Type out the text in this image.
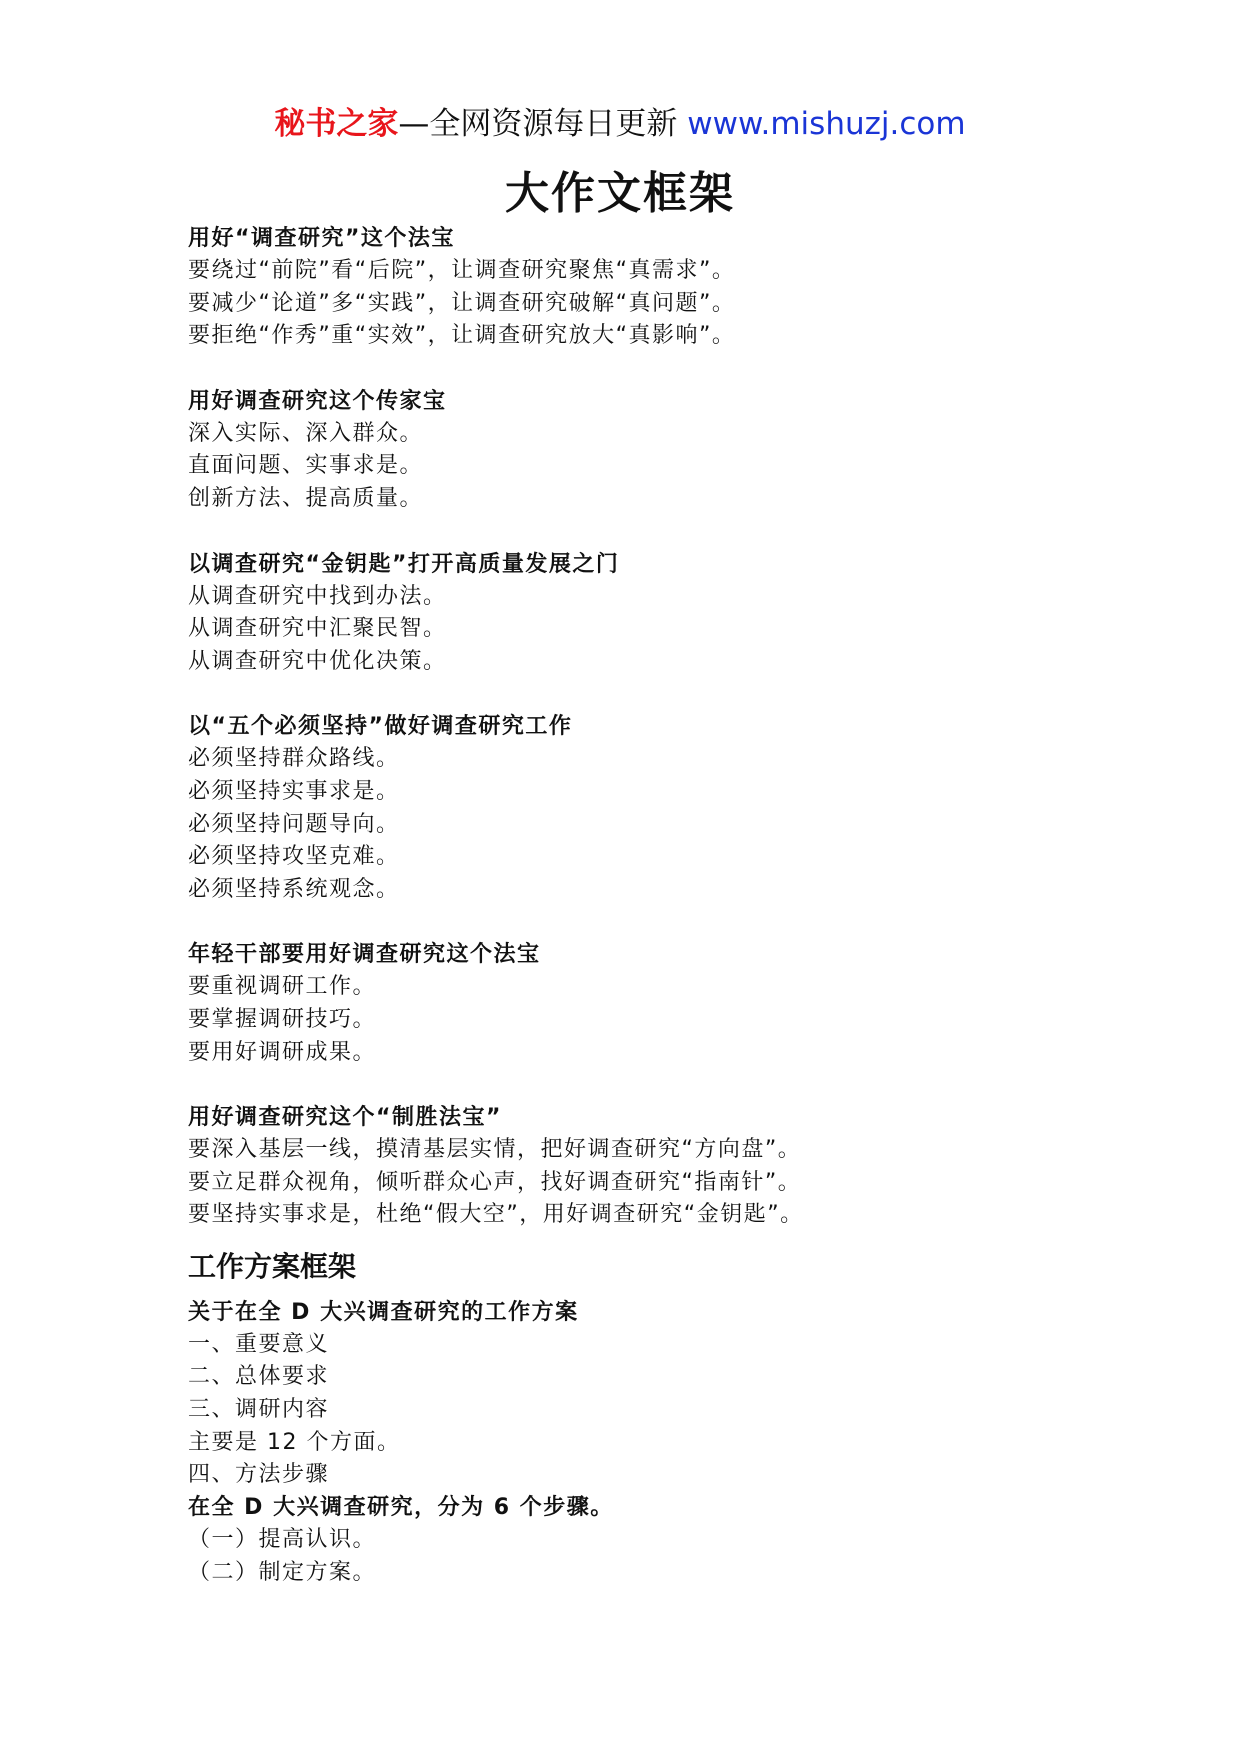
秘书之家—全网资源每日更新 www.mishuzj.com
大作文框架

用好“调查研究”这个法宝

要绕过“前院”看“后院”，让调查研究聚焦“真需求”。

要减少“论道”多“实践”，让调查研究破解“真问题”。

要拒绝“作秀”重“实效”，让调查研究放大“真影响”。

用好调查研究这个传家宝

深入实际、深入群众。

直面问题、实事求是。

创新方法、提高质量。

以调查研究“金钥匙”打开高质量发展之门

从调查研究中找到办法。

从调查研究中汇聚民智。

从调查研究中优化决策。

以“五个必须坚持”做好调查研究工作

必须坚持群众路线。

必须坚持实事求是。

必须坚持问题导向。

必须坚持攻坚克难。

必须坚持系统观念。

年轻干部要用好调查研究这个法宝

要重视调研工作。

要掌握调研技巧。

要用好调研成果。

用好调查研究这个“制胜法宝”

要深入基层一线，摸清基层实情，把好调查研究“方向盘”。

要立足群众视角，倾听群众心声，找好调查研究“指南针”。

要坚持实事求是，杜绝“假大空”，用好调查研究“金钥匙”。

工作方案框架

关于在全 D 大兴调查研究的工作方案

一、重要意义

二、总体要求

三、调研内容

主要是 12 个方面。

四、方法步骤

在全 D 大兴调查研究，分为 6 个步骤。

（一）提高认识。

（二）制定方案。
